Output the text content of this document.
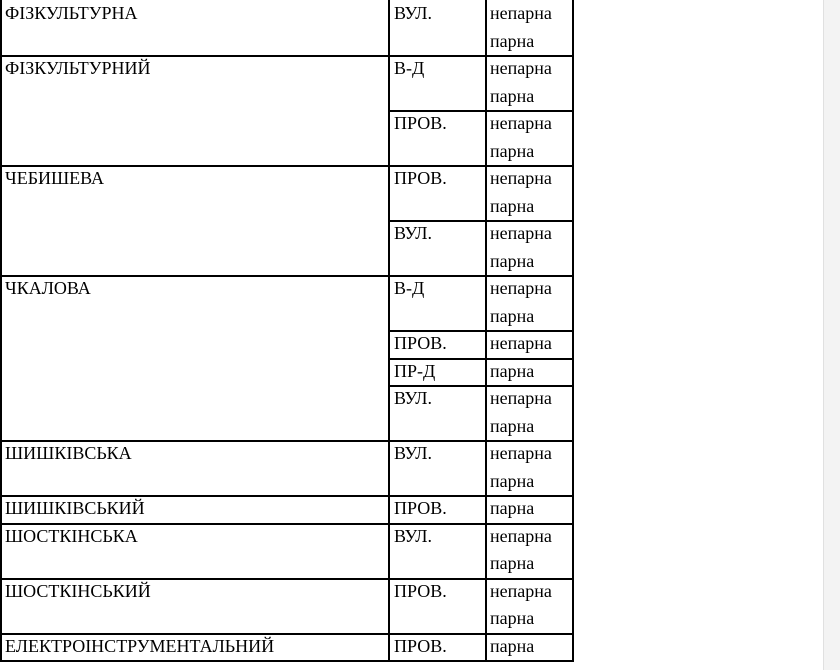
ФІЗКУЛЬТУРНА	ВУЛ.	непарна
парна
ФІЗКУЛЬТУРНИЙ	В-Д	непарна
парна
ПРОВ. непарна
парна
ЧЕБИШЕВА	ПРОВ. непарна
парна
ВУЛ.	непарна
парна
ЧКАЛОВА	В-Д	непарна
парна
ПРОВ. непарна
ПР-Д	парна
ВУЛ.	непарна
парна
ШИШКІВСЬКА	ВУЛ.	непарна
парна
ШИШКІВСЬКИЙ	ПРОВ. парна
ШОСТКІНСЬКА	ВУЛ.	непарна
парна
ШОСТКІНСЬКИЙ	ПРОВ. непарна
парна
ЕЛЕКТРОІНСТРУМЕНТАЛЬНИЙ	ПРОВ. парна
